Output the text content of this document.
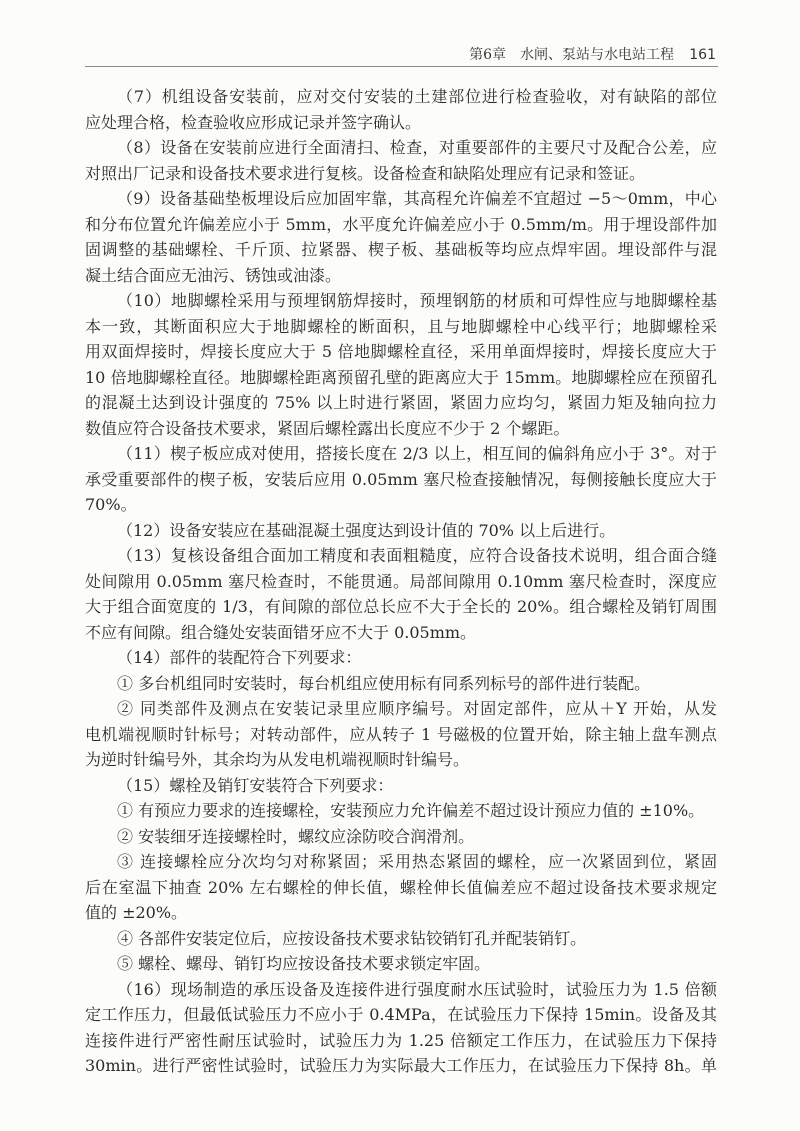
第6章　水闸、泵站与水电站工程 161
（7）机组设备安装前，应对交付安装的土建部位进行检查验收，对有缺陷的部位
应处理合格，检查验收应形成记录并签字确认。
（8）设备在安装前应进行全面清扫、检查，对重要部件的主要尺寸及配合公差，应
对照出厂记录和设备技术要求进行复核。设备检查和缺陷处理应有记录和签证。
（9）设备基础垫板埋设后应加固牢靠，其高程允许偏差不宜超过 −5～0mm，中心
和分布位置允许偏差应小于 5mm，水平度允许偏差应小于 0.5mm/m。用于埋设部件加
固调整的基础螺栓、千斤顶、拉紧器、楔子板、基础板等均应点焊牢固。埋设部件与混
凝土结合面应无油污、锈蚀或油漆。
（10）地脚螺栓采用与预埋钢筋焊接时，预埋钢筋的材质和可焊性应与地脚螺栓基
本一致，其断面积应大于地脚螺栓的断面积，且与地脚螺栓中心线平行；地脚螺栓采
用双面焊接时，焊接长度应大于 5 倍地脚螺栓直径，采用单面焊接时，焊接长度应大于
10 倍地脚螺栓直径。地脚螺栓距离预留孔壁的距离应大于 15mm。地脚螺栓应在预留孔
的混凝土达到设计强度的 75% 以上时进行紧固，紧固力应均匀，紧固力矩及轴向拉力
数值应符合设备技术要求，紧固后螺栓露出长度应不少于 2 个螺距。
（11）楔子板应成对使用，搭接长度在 2/3 以上，相互间的偏斜角应小于 3°。对于
承受重要部件的楔子板，安装后应用 0.05mm 塞尺检查接触情况，每侧接触长度应大于
70%。
（12）设备安装应在基础混凝土强度达到设计值的 70% 以上后进行。
（13）复核设备组合面加工精度和表面粗糙度，应符合设备技术说明，组合面合缝
处间隙用 0.05mm 塞尺检查时，不能贯通。局部间隙用 0.10mm 塞尺检查时，深度应
大于组合面宽度的 1/3，有间隙的部位总长应不大于全长的 20%。组合螺栓及销钉周围
不应有间隙。组合缝处安装面错牙应不大于 0.05mm。
（14）部件的装配符合下列要求：
① 多台机组同时安装时，每台机组应使用标有同系列标号的部件进行装配。
② 同类部件及测点在安装记录里应顺序编号。对固定部件，应从＋Y 开始，从发
电机端视顺时针标号；对转动部件，应从转子 1 号磁极的位置开始，除主轴上盘车测点
为逆时针编号外，其余均为从发电机端视顺时针编号。
（15）螺栓及销钉安装符合下列要求：
① 有预应力要求的连接螺栓，安装预应力允许偏差不超过设计预应力值的 ±10%。
② 安装细牙连接螺栓时，螺纹应涂防咬合润滑剂。
③ 连接螺栓应分次均匀对称紧固；采用热态紧固的螺栓，应一次紧固到位，紧固
后在室温下抽查 20% 左右螺栓的伸长值，螺栓伸长值偏差应不超过设备技术要求规定
值的 ±20%。
④ 各部件安装定位后，应按设备技术要求钻铰销钉孔并配装销钉。
⑤ 螺栓、螺母、销钉均应按设备技术要求锁定牢固。
（16）现场制造的承压设备及连接件进行强度耐水压试验时，试验压力为 1.5 倍额
定工作压力，但最低试验压力不应小于 0.4MPa，在试验压力下保持 15min。设备及其
连接件进行严密性耐压试验时，试验压力为 1.25 倍额定工作压力，在试验压力下保持
30min。进行严密性试验时，试验压力为实际最大工作压力，在试验压力下保持 8h。单
